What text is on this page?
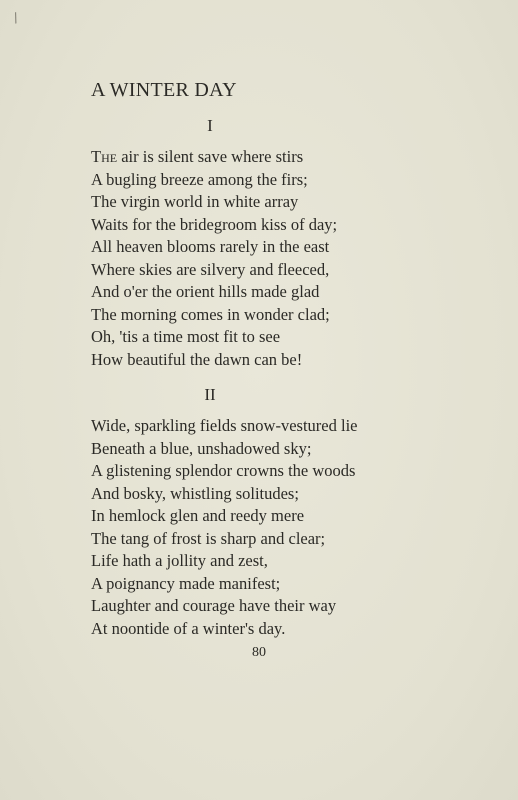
/
A WINTER DAY
I
The air is silent save where stirs
A bugling breeze among the firs;
The virgin world in white array
Waits for the bridegroom kiss of day;
All heaven blooms rarely in the east
Where skies are silvery and fleeced,
And o'er the orient hills made glad
The morning comes in wonder clad;
Oh, 'tis a time most fit to see
How beautiful the dawn can be!
II
Wide, sparkling fields snow-vestured lie
Beneath a blue, unshadowed sky;
A glistening splendor crowns the woods
And bosky, whistling solitudes;
In hemlock glen and reedy mere
The tang of frost is sharp and clear;
Life hath a jollity and zest,
A poignancy made manifest;
Laughter and courage have their way
At noontide of a winter's day.
80
